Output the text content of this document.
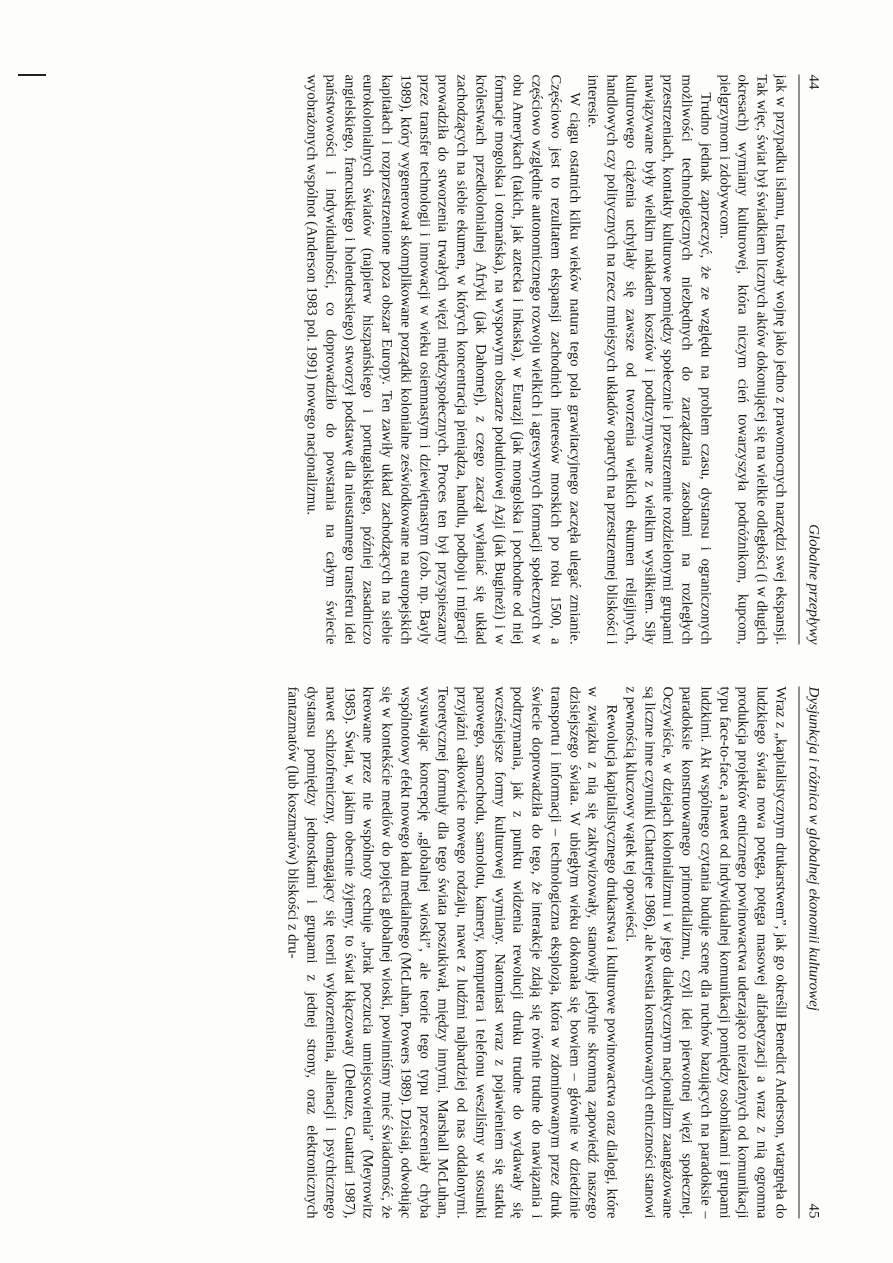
44
Globalne przepływy

jak w przypadku islamu, traktowały wojnę jako jedno z prawomocnych narzędzi swej ekspansji. Tak więc, świat był świadkiem licznych aktów dokonującej się na wielkie odległości (i w długich okresach) wymiany kulturowej, która niczym cień towarzyszyła podróżnikom, kupcom, pielgrzymom i zdobywcom.

Trudno jednak zaprzeczyć, że ze względu na problem czasu, dystansu i ograniczonych możliwości technologicznych niezbędnych do zarządzania zasobami na rozległych przestrzeniach, kontakty kulturowe pomiędzy społecznie i przestrzennie rozdzielonymi grupami nawiązywane były wielkim nakładem kosztów i podtrzymywane z wielkim wysiłkiem. Siły kulturowego ciążenia uchylały się zawsze od tworzenia wielkich ekumen religijnych, handlowych czy politycznych na rzecz mniejszych układów opartych na przestrzennej bliskości i interesie.

W ciągu ostatnich kilku wieków natura tego pola grawitacyjnego zaczęła ulegać zmianie. Częściowo jest to rezultatem ekspansji zachodnich interesów morskich po roku 1500, a częściowo względnie autonomicznego rozwoju wielkich i agresywnych formacji społecznych w obu Amerykach (takich, jak aztecka i inkaska), w Eurazji (jak mongolska i pochodne od niej formacje mogolska i otomańska), na wyspowym obszarze południowej Azji (jak Bugineżi) i w królestwach przedkolonialnej Afryki (jak Dahomej), z czego zaczął wyłaniać się układ zachodzących na siebie ekumen, w których koncentracja pieniądza, handlu, podboju i migracji prowadziła do stworzenia trwałych więzi międzyspołecznych. Proces ten był przyspieszany przez transfer technologii i innowacji w wieku osiemnastym i dziewiętnastym (zob. np. Bayly 1989), który wygenerował skomplikowane porządki kolonialne zeświodkowane na europejskich kapitałach i rozprzestrzenione poza obszar Europy. Ten zawiły układ zachodzących na siebie eurokolonialnych światów (najpierw hiszpańskiego i portugalskiego, później zasadniczo angielskiego, francuskiego i holenderskiego) stworzył podstawę dla nieustannego transferu idei państwowości i indywidualności, co doprowadziło do powstania na całym świecie wyobrażonych wspólnot (Anderson 1983 pol. 1991) nowego nacjonalizmu.

Dysjunkcja i różnica w globalnej ekonomii kulturowej
45

Wraz z „kapitalistycznym drukarstwem”, jak go określił Benedict Anderson, wtargnęła do ludzkiego świata nowa potęga, potęga masowej alfabetyzacji a wraz z nią ogromna produkcja projektów etnicznego powinowactwa uderzająco niezależnych od komunikacji typu face-to-face, a nawet od indywidualnej komunikacji pomiędzy osobnikami i grupami ludzkimi. Akt wspólnego czytania buduje scenę dla ruchów bazujących na paradoksie – paradoksie konstruowanego primordializmu, czyli idei pierwotnej więzi społecznej. Oczywiście, w dziejach kolonializmu i w jego dialektycznym nacjonalizm zaangażowane są liczne inne czynniki (Chatterjee 1986), ale kwestia konstruowanych etniczności stanowi z pewnością kluczowy wątek tej opowieści.

Rewolucja kapitalistycznego drukarstwa i kulturowe powinowactwa oraz dialogi, które w związku z nią się zaktywizowały, stanowiły jedynie skromną zapowiedź naszego dzisiejszego świata. W ubiegłym wieku dokonała się bowiem – głównie w dziedzinie transportu i informacji – technologiczna eksplozja, która w zdominowanym przez druk świecie doprowadziła do tego, że interakcje zdają się równie trudne do nawiązania i podtrzymania, jak z punktu widzenia rewolucji druku trudne do wydawały się wcześniejsze formy kulturowej wymiany. Natomiast wraz z pojawieniem się statku parowego, samochodu, samolotu, kamery, komputera i telefonu weszliśmy w stosunki przyjaźni całkowicie nowego rodzaju, nawet z ludźmi najbardziej od nas oddalonymi. Teoretycznej formuły dla tego świata poszukiwał, między innymi, Marshall McLuhan, wysuwając koncepcję „globalnej wioski”, ale teorie tego typu przeceniały chyba wspólnotowy efekt nowego ładu medialnego (McLuhan, Powers 1989). Dzisiaj, odwołując się w kontekście mediów do pojęcia globalnej wioski, powinniśmy mieć świadomość, że kreowane przez nie wspólnoty cechuje „brak poczucia umiejscowienia” (Meyrowitz 1985). Świat, w jakim obecnie żyjemy, to świat kłączowaty (Deleuze, Guattari 1987), nawet schizofreniczny, domagający się teorii wykorzenienia, alienacji i psychicznego dystansu pomiędzy jednostkami i grupami z jednej strony, oraz elektronicznych fantazmatów (lub koszmarów) bliskości z dru-
